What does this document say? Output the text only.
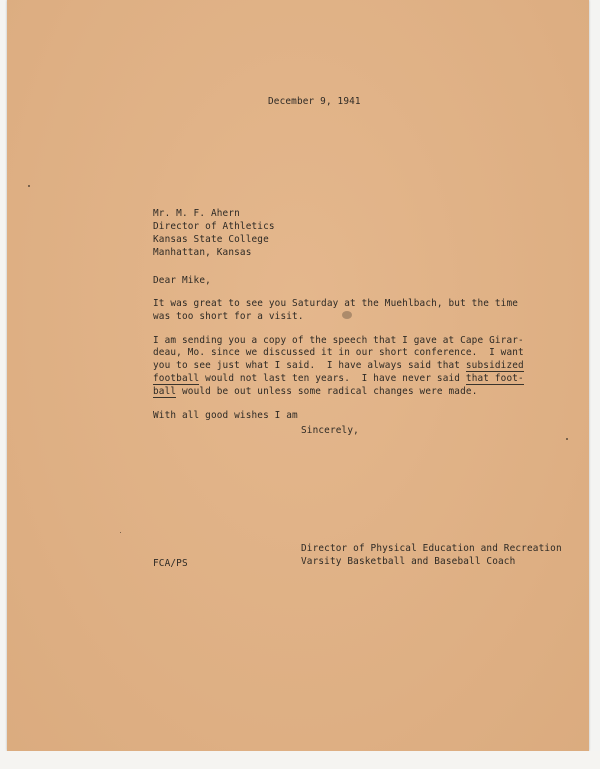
December 9, 1941
Mr. M. F. Ahern
Director of Athletics
Kansas State College
Manhattan, Kansas
Dear Mike,
It was great to see you Saturday at the Muehlbach, but the time
was too short for a visit.
I am sending you a copy of the speech that I gave at Cape Girar-
deau, Mo. since we discussed it in our short conference.  I want
you to see just what I said.  I have always said that subsidized
football would not last ten years.  I have never said that foot-
ball would be out unless some radical changes were made.
With all good wishes I am
Sincerely,
FCA/PS
Director of Physical Education and Recreation
Varsity Basketball and Baseball Coach
